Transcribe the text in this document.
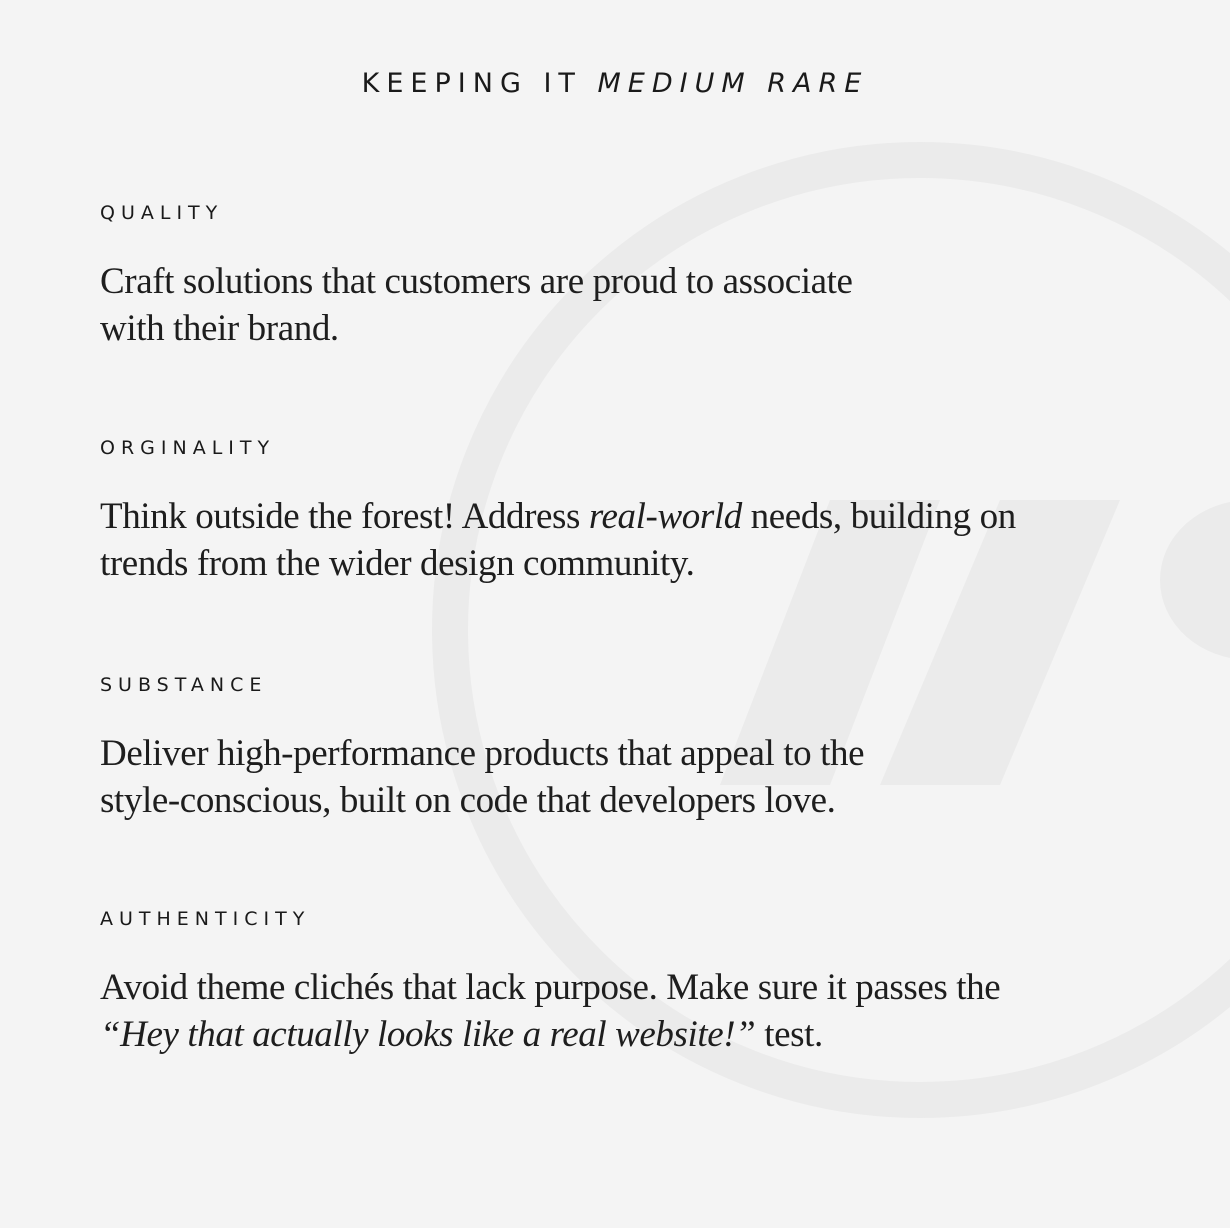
KEEPING IT MEDIUM RARE
QUALITY

Craft solutions that customers are proud to associate
with their brand.

ORGINALITY

Think outside the forest! Address real-world needs, building on
trends from the wider design community.

SUBSTANCE

Deliver high-performance products that appeal to the
style-conscious, built on code that developers love.

AUTHENTICITY

Avoid theme clichés that lack purpose. Make sure it passes the
“Hey that actually looks like a real website!” test.
